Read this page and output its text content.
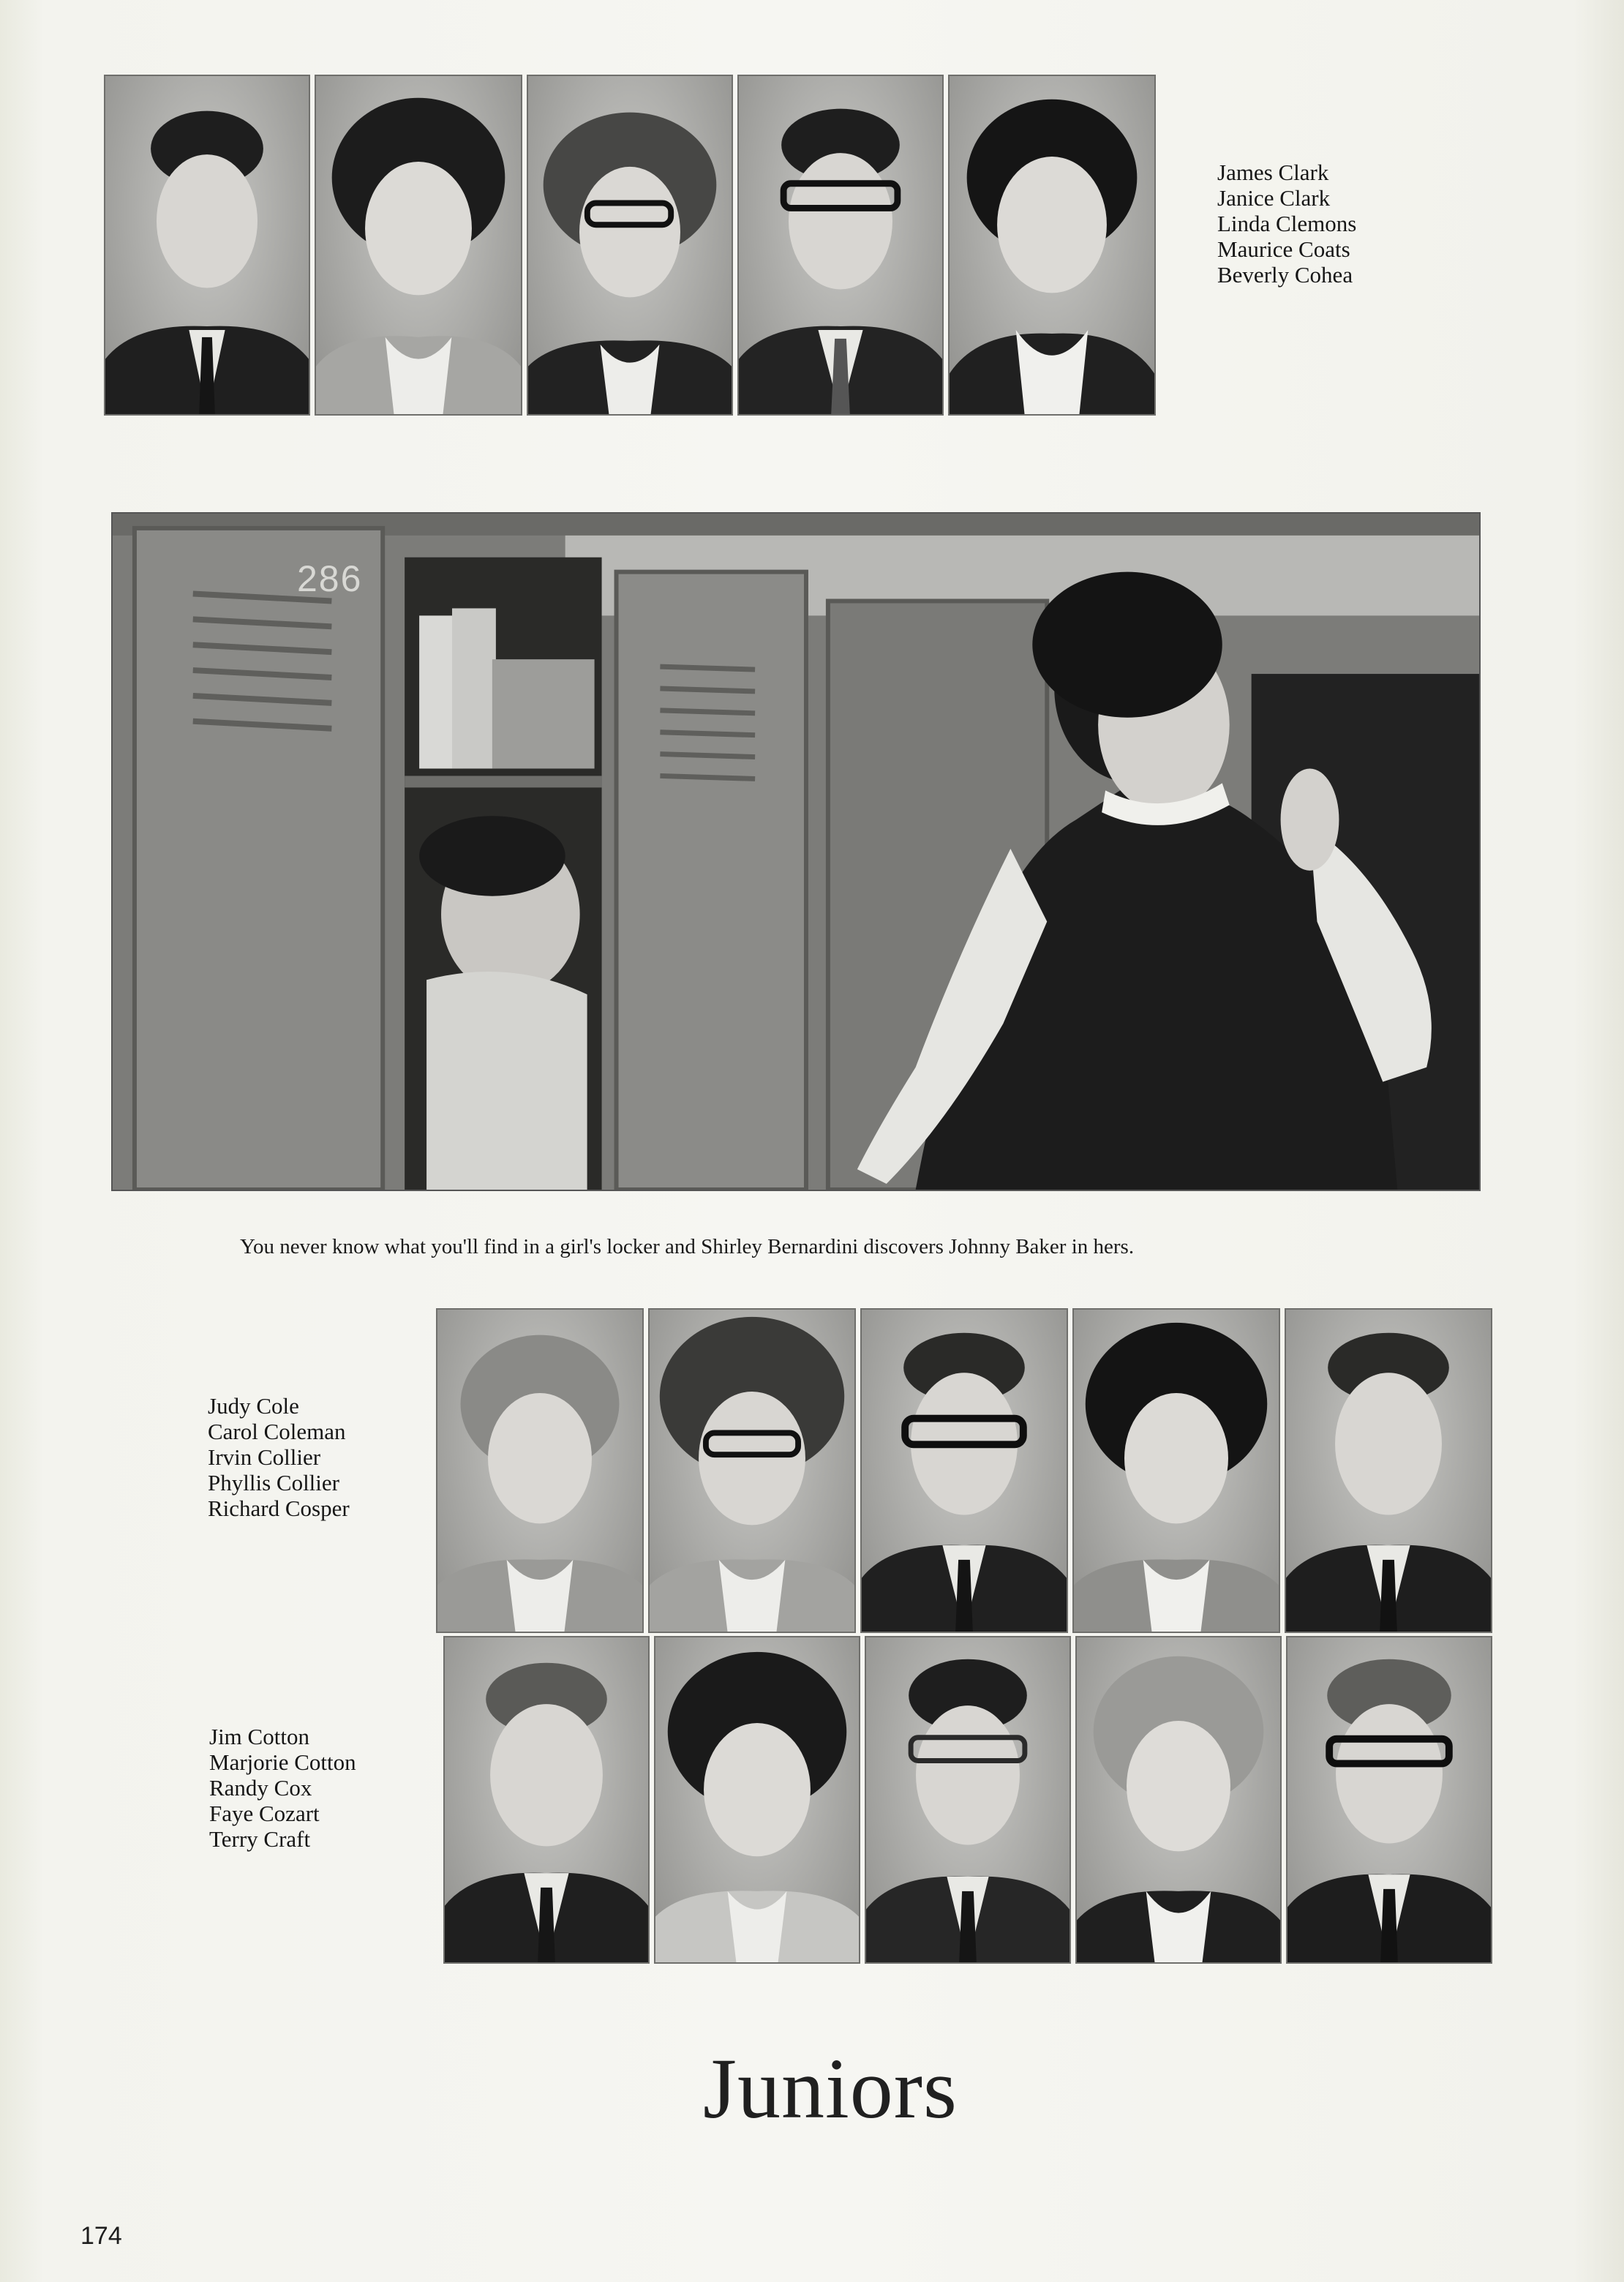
James Clark
Janice Clark
Linda Clemons
Maurice Coats
Beverly Cohea
286

You never know what you'll find in a girl's locker and Shirley Bernardini discovers Johnny Baker in hers.

Judy Cole
Carol Coleman
Irvin Collier
Phyllis Collier
Richard Cosper
Jim Cotton
Marjorie Cotton
Randy Cox
Faye Cozart
Terry Craft
Juniors
174
